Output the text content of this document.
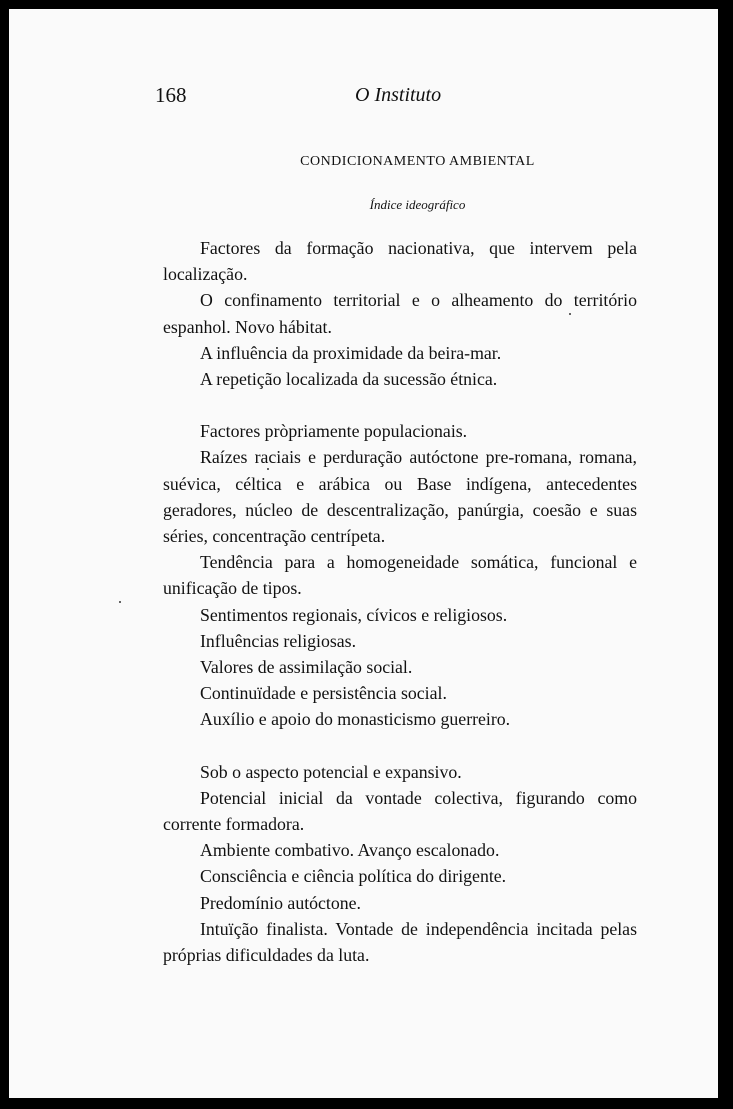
168	O Instituto
CONDICIONAMENTO AMBIENTAL
Índice ideográfico

Factores da formação nacionativa, que intervem pela localização.

O confinamento territorial e o alheamento do território espanhol. Novo hábitat.

A influência da proximidade da beira-mar.

A repetição localizada da sucessão étnica.

Factores pròpriamente populacionais.

Raízes raciais e perduração autóctone pre-romana, romana, suévica, céltica e arábica ou Base indígena, antecedentes geradores, núcleo de descentralização, panúrgia, coesão e suas séries, concentração centrípeta.

Tendência para a homogeneidade somática, funcional e unificação de tipos.

Sentimentos regionais, cívicos e religiosos.

Influências religiosas.

Valores de assimilação social.

Continuïdade e persistência social.

Auxílio e apoio do monasticismo guerreiro.

Sob o aspecto potencial e expansivo.

Potencial inicial da vontade colectiva, figurando como corrente formadora.

Ambiente combativo. Avanço escalonado.

Consciência e ciência política do dirigente.

Predomínio autóctone.

Intuïção finalista. Vontade de independência incitada pelas próprias dificuldades da luta.
